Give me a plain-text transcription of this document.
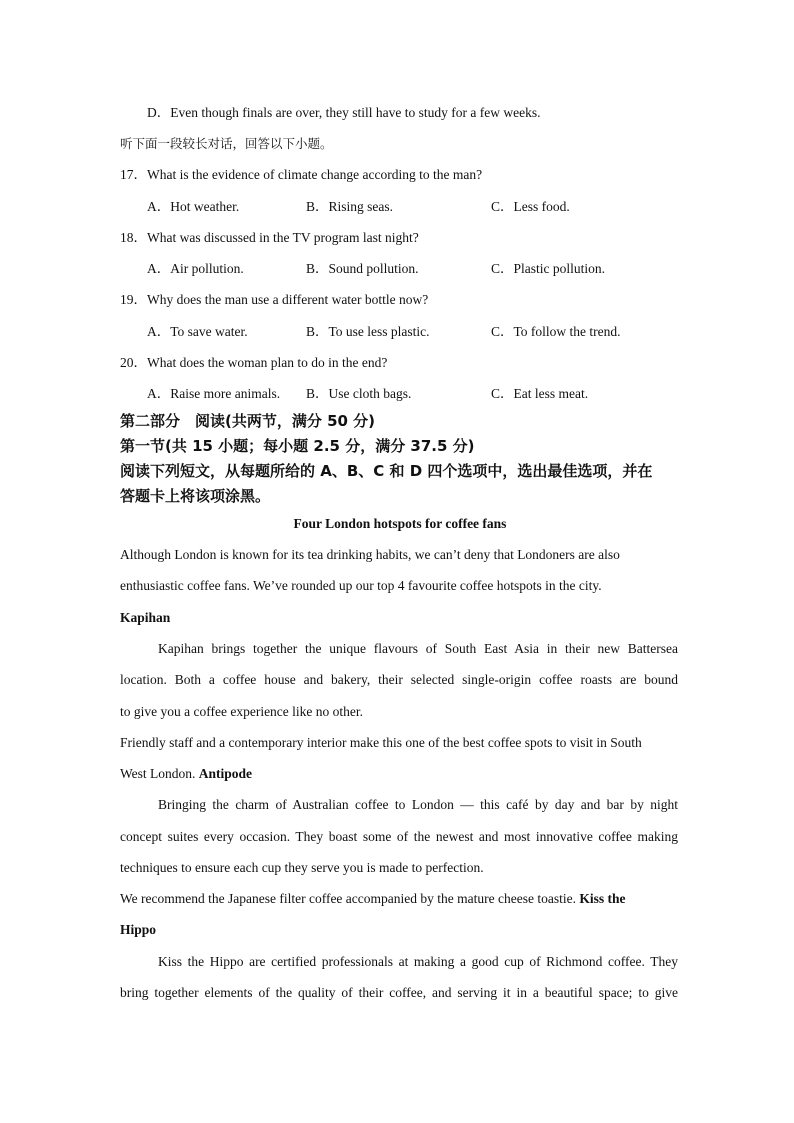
D．Even though finals are over, they still have to study for a few weeks.
听下面一段较长对话，回答以下小题。
17．What is the evidence of climate change according to the man?
A．Hot weather.	B．Rising seas.	C．Less food.
18．What was discussed in the TV program last night?
A．Air pollution.	B．Sound pollution.	C．Plastic pollution.
19．Why does the man use a different water bottle now?
A．To save water.	B．To use less plastic.	C．To follow the trend.
20．What does the woman plan to do in the end?
A．Raise more animals. B．Use cloth bags.	C．Eat less meat.
第二部分　阅读(共两节，满分 50 分)
第一节(共 15 小题；每小题 2.5 分，满分 37.5 分)
阅读下列短文，从每题所给的 A、B、C 和 D 四个选项中，选出最佳选项，并在
答题卡上将该项涂黑。
Four London hotspots for coffee fans
Although London is known for its tea drinking habits, we can’t deny that Londoners are also
enthusiastic coffee fans. We’ve rounded up our top 4 favourite coffee hotspots in the city.
Kapihan
Kapihan brings together the unique flavours of South East Asia in their new Battersea
location. Both a coffee house and bakery, their selected single-origin coffee roasts are bound
to give you a coffee experience like no other.
Friendly staff and a contemporary interior make this one of the best coffee spots to visit in South
West London. Antipode
Bringing the charm of Australian coffee to London — this café by day and bar by night
concept suites every occasion. They boast some of the newest and most innovative coffee making
techniques to ensure each cup they serve you is made to perfection.
We recommend the Japanese filter coffee accompanied by the mature cheese toastie. Kiss the
Hippo
Kiss the Hippo are certified professionals at making a good cup of Richmond coffee. They
bring together elements of the quality of their coffee, and serving it in a beautiful space; to give
